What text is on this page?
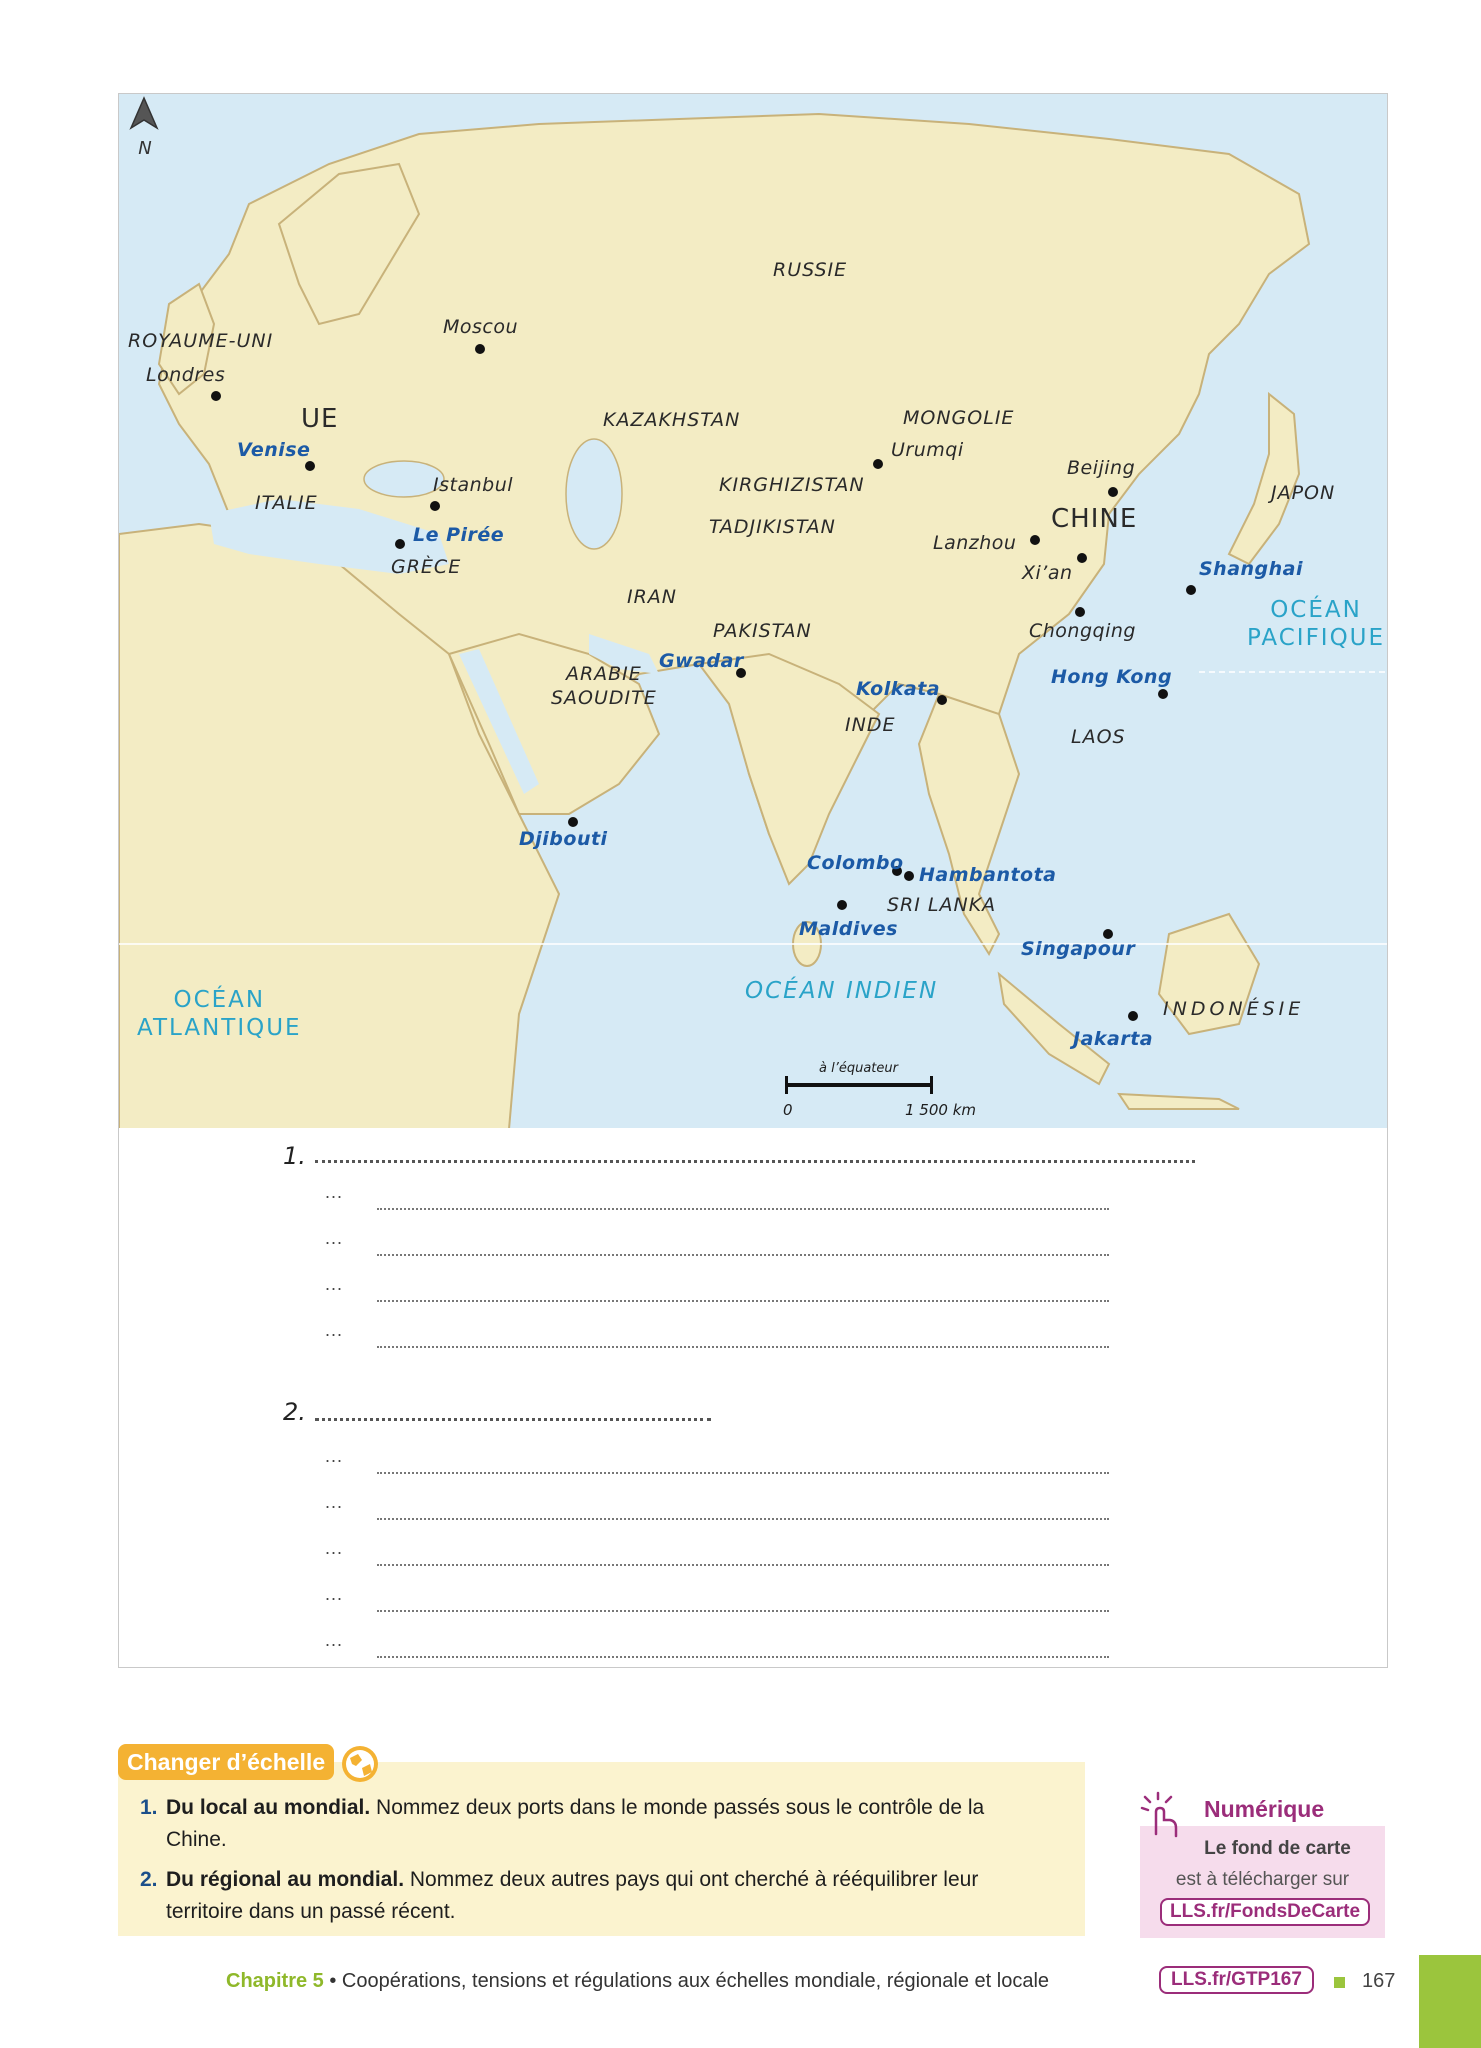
N
RUSSIE
Moscou
ROYAUME-UNI
Londres
UE
Venise
ITALIE
Istanbul
Le Pirée
GRÈCE
KAZAKHSTAN	MONGOLIE
Urumqi
KIRGHIZISTAN
TADJIKISTAN
Beijing
JAPON
CHINE
Lanzhou
Xi’an	Shanghai
OCÉAN
PACIFIQUE
IRAN
PAKISTAN	Chongqing
ARABIE
SAOUDITE
Gwadar
Kolkata
Hong Kong
INDE
LAOS
Djibouti
Colombo
Hambantota
SRI LANKA
Maldives
Singapour
OCÉAN INDIEN
OCÉAN
ATLANTIQUE
INDONÉSIE
Jakarta
à l’équateur
0	1 500 km
1.
...
...
...
...
2.
...
...
...
...
...
1. Du local au mondial. Nommez deux ports dans le monde passés sous le contrôle de la Chine.
2. Du régional au mondial. Nommez deux autres pays qui ont cherché à rééquilibrer leur territoire dans un passé récent.
Changer d’échelle
Numérique
Le fond de carte
est à télécharger sur
LLS.fr/FondsDeCarte
Chapitre 5 • Coopérations, tensions et régulations aux échelles mondiale, régionale et locale	LLS.fr/GTP167	167
